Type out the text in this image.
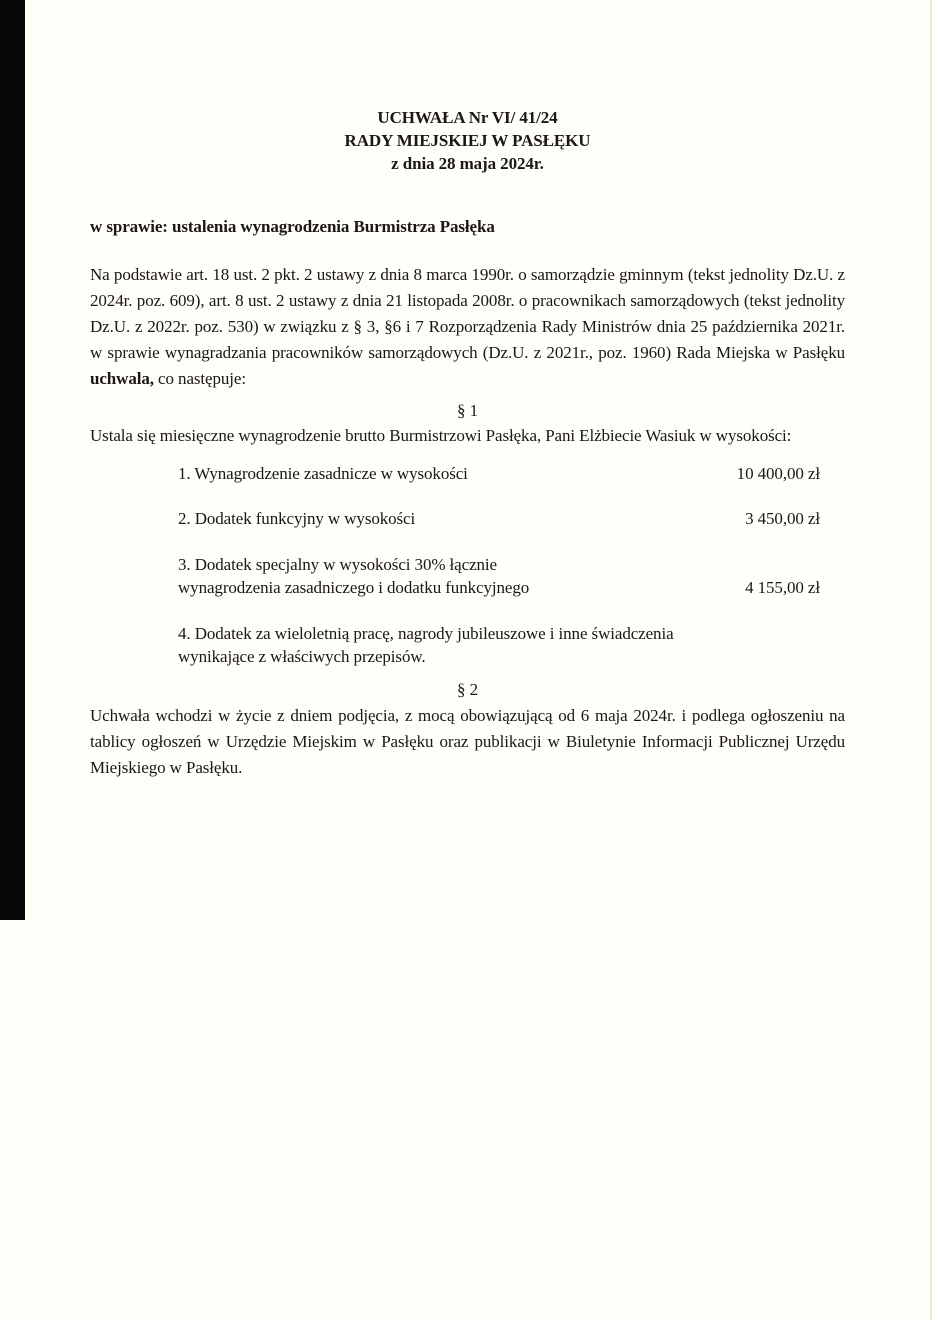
UCHWAŁA Nr VI/ 41/24
RADY MIEJSKIEJ W PASŁĘKU
z dnia 28 maja 2024r.
w sprawie: ustalenia wynagrodzenia Burmistrza Pasłęka
Na podstawie art. 18 ust. 2 pkt. 2 ustawy z dnia 8 marca 1990r. o samorządzie gminnym (tekst jednolity Dz.U. z 2024r. poz. 609), art. 8 ust. 2 ustawy z dnia 21 listopada 2008r. o pracownikach samorządowych (tekst jednolity Dz.U. z 2022r. poz. 530) w związku z § 3, §6 i 7 Rozporządzenia Rady Ministrów dnia 25 października 2021r. w sprawie wynagradzania pracowników samorządowych (Dz.U. z 2021r., poz. 1960) Rada Miejska w Pasłęku uchwala, co następuje:
§ 1
Ustala się miesięczne wynagrodzenie brutto Burmistrzowi Pasłęka, Pani Elżbiecie Wasiuk w wysokości:
1. Wynagrodzenie zasadnicze w wysokości	10 400,00 zł
2. Dodatek funkcyjny w wysokości	3 450,00 zł
3. Dodatek specjalny w wysokości 30% łącznie
wynagrodzenia zasadniczego i dodatku funkcyjnego	4 155,00 zł
4. Dodatek za wieloletnią pracę, nagrody jubileuszowe i inne świadczenia
wynikające z właściwych przepisów.
§ 2
Uchwała wchodzi w życie z dniem podjęcia, z mocą obowiązującą od 6 maja 2024r. i podlega ogłoszeniu na tablicy ogłoszeń w Urzędzie Miejskim w Pasłęku oraz publikacji w Biuletynie Informacji Publicznej Urzędu Miejskiego w Pasłęku.
